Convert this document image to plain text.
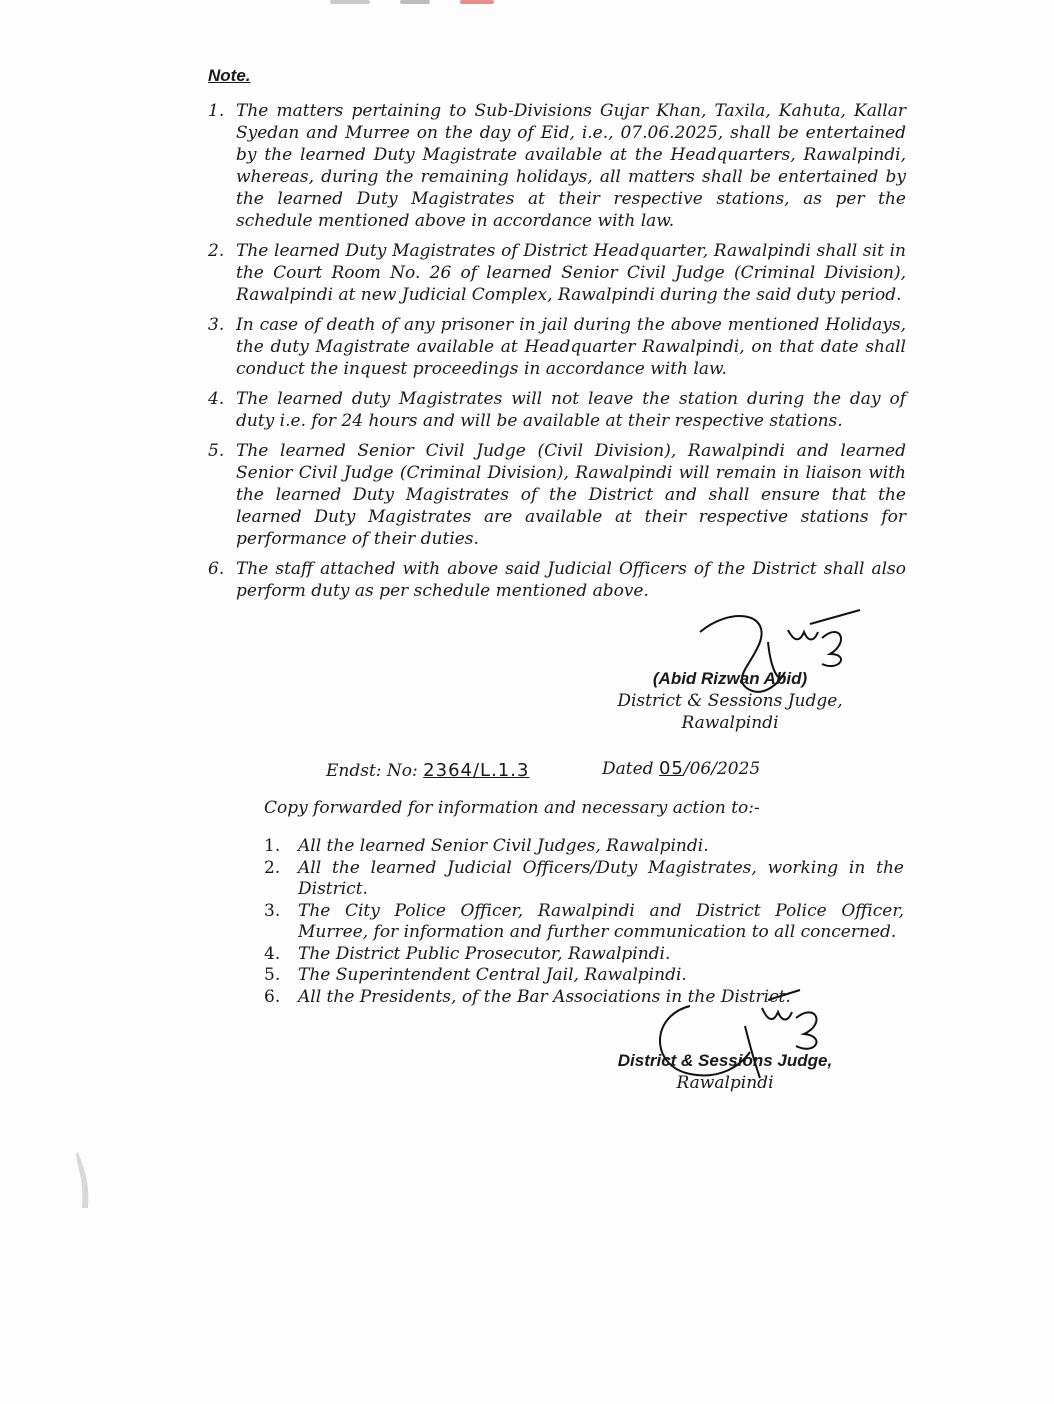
Note.
1. The matters pertaining to Sub-Divisions Gujar Khan, Taxila, Kahuta, Kallar Syedan and Murree on the day of Eid, i.e., 07.06.2025, shall be entertained by the learned Duty Magistrate available at the Headquarters, Rawalpindi, whereas, during the remaining holidays, all matters shall be entertained by the learned Duty Magistrates at their respective stations, as per the schedule mentioned above in accordance with law.
2. The learned Duty Magistrates of District Headquarter, Rawalpindi shall sit in the Court Room No. 26 of learned Senior Civil Judge (Criminal Division), Rawalpindi at new Judicial Complex, Rawalpindi during the said duty period.
3. In case of death of any prisoner in jail during the above mentioned Holidays, the duty Magistrate available at Headquarter Rawalpindi, on that date shall conduct the inquest proceedings in accordance with law.
4. The learned duty Magistrates will not leave the station during the day of duty i.e. for 24 hours and will be available at their respective stations.
5. The learned Senior Civil Judge (Civil Division), Rawalpindi and learned Senior Civil Judge (Criminal Division), Rawalpindi will remain in liaison with the learned Duty Magistrates of the District and shall ensure that the learned Duty Magistrates are available at their respective stations for performance of their duties.
6. The staff attached with above said Judicial Officers of the District shall also perform duty as per schedule mentioned above.
(Abid Rizwan Abid)
District & Sessions Judge,
Rawalpindi
Endst: No: 2364/L.1.3	Dated 05/06/2025
Copy forwarded for information and necessary action to:-
1. All the learned Senior Civil Judges, Rawalpindi.
2. All the learned Judicial Officers/Duty Magistrates, working in the District.
3. The City Police Officer, Rawalpindi and District Police Officer, Murree, for information and further communication to all concerned.
4. The District Public Prosecutor, Rawalpindi.
5. The Superintendent Central Jail, Rawalpindi.
6. All the Presidents, of the Bar Associations in the District.
District & Sessions Judge,
Rawalpindi
